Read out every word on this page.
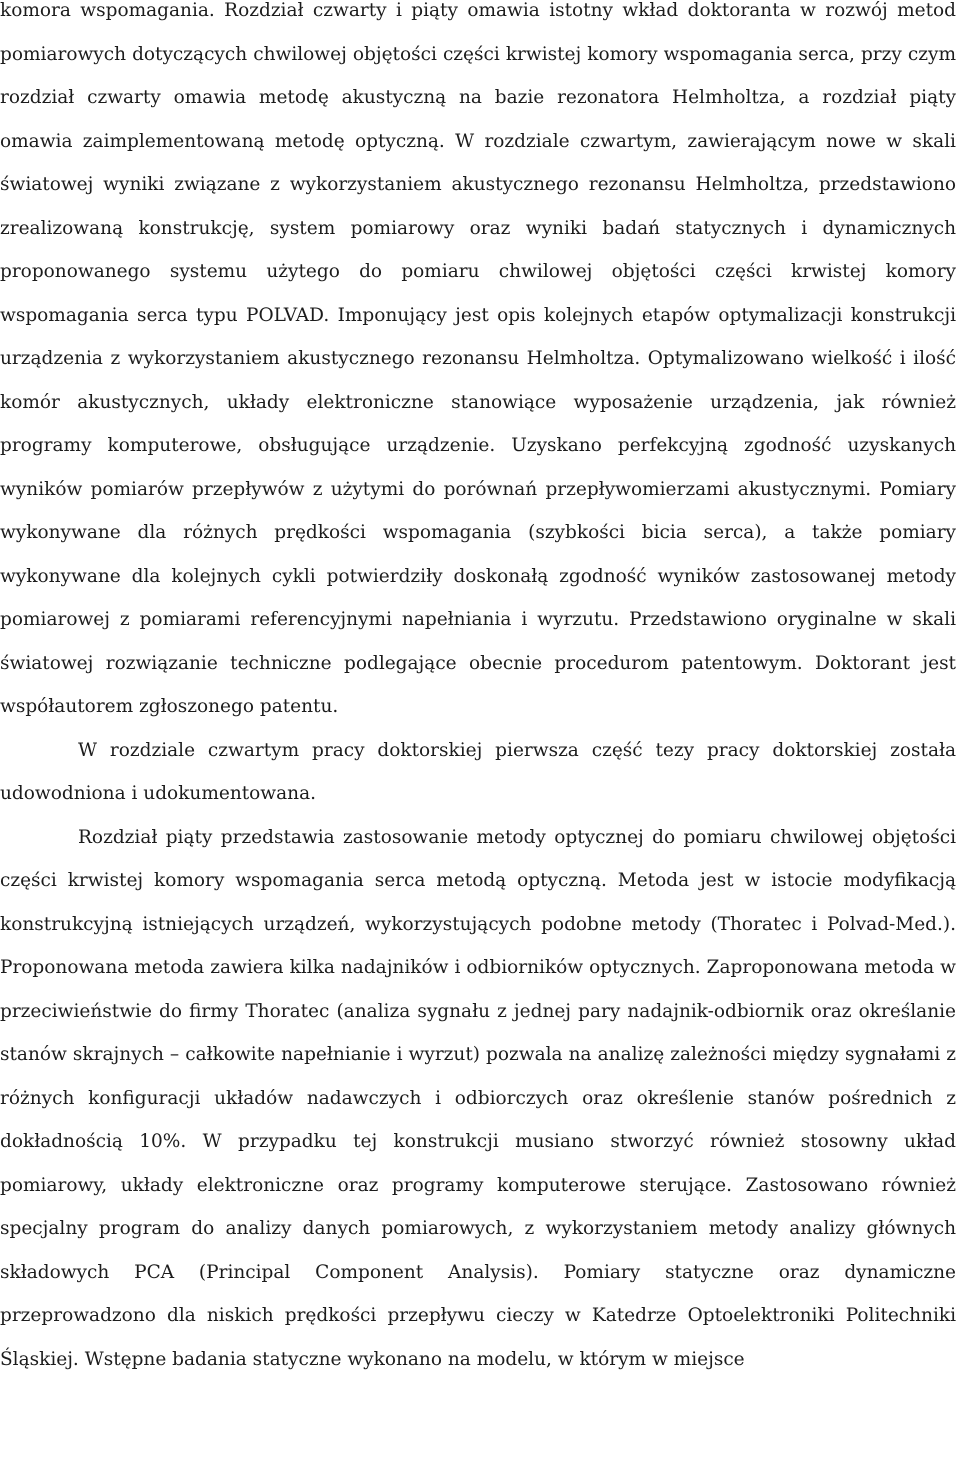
komora wspomagania. Rozdział czwarty i piąty omawia istotny wkład doktoranta w rozwój metod pomiarowych dotyczących chwilowej objętości części krwistej komory wspomagania serca, przy czym rozdział czwarty omawia metodę akustyczną na bazie rezonatora Helmholtza, a rozdział piąty omawia zaimplementowaną metodę optyczną. W rozdziale czwartym, zawierającym nowe w skali światowej wyniki związane z wykorzystaniem akustycznego rezonansu Helmholtza, przedstawiono zrealizowaną konstrukcję, system pomiarowy oraz wyniki badań statycznych i dynamicznych proponowanego systemu użytego do pomiaru chwilowej objętości części krwistej komory wspomagania serca typu POLVAD. Imponujący jest opis kolejnych etapów optymalizacji konstrukcji urządzenia z wykorzystaniem akustycznego rezonansu Helmholtza. Optymalizowano wielkość i ilość komór akustycznych, układy elektroniczne stanowiące wyposażenie urządzenia, jak również programy komputerowe, obsługujące urządzenie. Uzyskano perfekcyjną zgodność uzyskanych wyników pomiarów przepływów z użytymi do porównań przepływomierzami akustycznymi. Pomiary wykonywane dla różnych prędkości wspomagania (szybkości bicia serca), a także pomiary wykonywane dla kolejnych cykli potwierdziły doskonałą zgodność wyników zastosowanej metody pomiarowej z pomiarami referencyjnymi napełniania i wyrzutu. Przedstawiono oryginalne w skali światowej rozwiązanie techniczne podlegające obecnie procedurom patentowym. Doktorant jest współautorem zgłoszonego patentu.

W rozdziale czwartym pracy doktorskiej pierwsza część tezy pracy doktorskiej została udowodniona i udokumentowana.

Rozdział piąty przedstawia zastosowanie metody optycznej do pomiaru chwilowej objętości części krwistej komory wspomagania serca metodą optyczną. Metoda jest w istocie modyfikacją konstrukcyjną istniejących urządzeń, wykorzystujących podobne metody (Thoratec i Polvad-Med.). Proponowana metoda zawiera kilka nadajników i odbiorników optycznych. Zaproponowana metoda w przeciwieństwie do firmy Thoratec (analiza sygnału z jednej pary nadajnik-odbiornik oraz określanie stanów skrajnych – całkowite napełnianie i wyrzut) pozwala na analizę zależności między sygnałami z różnych konfiguracji układów nadawczych i odbiorczych oraz określenie stanów pośrednich z dokładnością 10%. W przypadku tej konstrukcji musiano stworzyć również stosowny układ pomiarowy, układy elektroniczne oraz programy komputerowe sterujące. Zastosowano również specjalny program do analizy danych pomiarowych, z wykorzystaniem metody analizy głównych składowych PCA (Principal Component Analysis). Pomiary statyczne oraz dynamiczne przeprowadzono dla niskich prędkości przepływu cieczy w Katedrze Optoelektroniki Politechniki Śląskiej. Wstępne badania statyczne wykonano na modelu, w którym w miejsce
